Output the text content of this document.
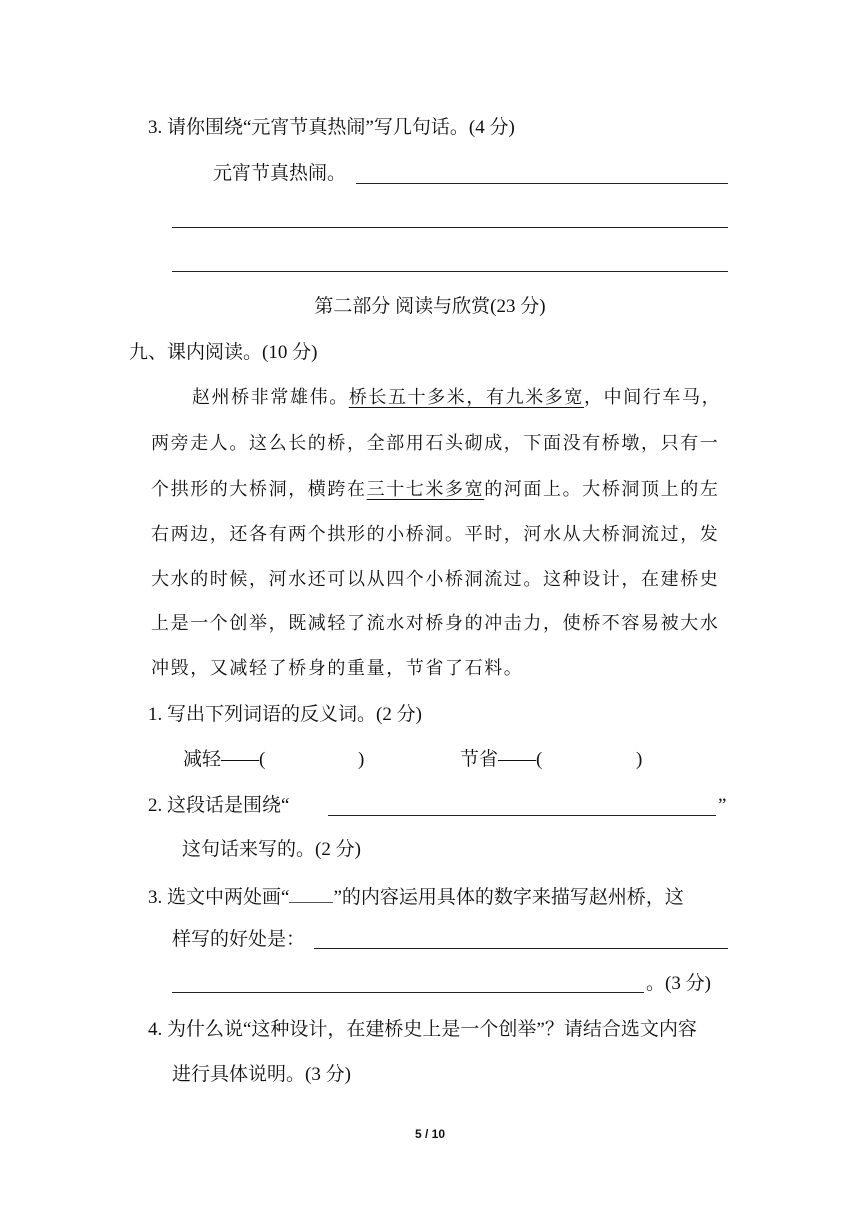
3. 请你围绕“元宵节真热闹”写几句话。(4 分)
元宵节真热闹。
第二部分 阅读与欣赏(23 分)
九、课内阅读。(10 分)
赵州桥非常雄伟。桥长五十多米，有九米多宽，中间行车马，
两旁走人。这么长的桥，全部用石头砌成，下面没有桥墩，只有一
个拱形的大桥洞，横跨在三十七米多宽的河面上。大桥洞顶上的左
右两边，还各有两个拱形的小桥洞。平时，河水从大桥洞流过，发
大水的时候，河水还可以从四个小桥洞流过。这种设计，在建桥史
上是一个创举，既减轻了流水对桥身的冲击力，使桥不容易被大水
冲毁，又减轻了桥身的重量，节省了石料。
1. 写出下列词语的反义词。(2 分)
减轻——(	)	节省——(	)
2. 这段话是围绕“	”
这句话来写的。(2 分)
3. 选文中两处画“ ”的内容运用具体的数字来描写赵州桥，这
样写的好处是：
。(3 分)
4. 为什么说“这种设计，在建桥史上是一个创举”？请结合选文内容
进行具体说明。(3 分)
5 / 10
